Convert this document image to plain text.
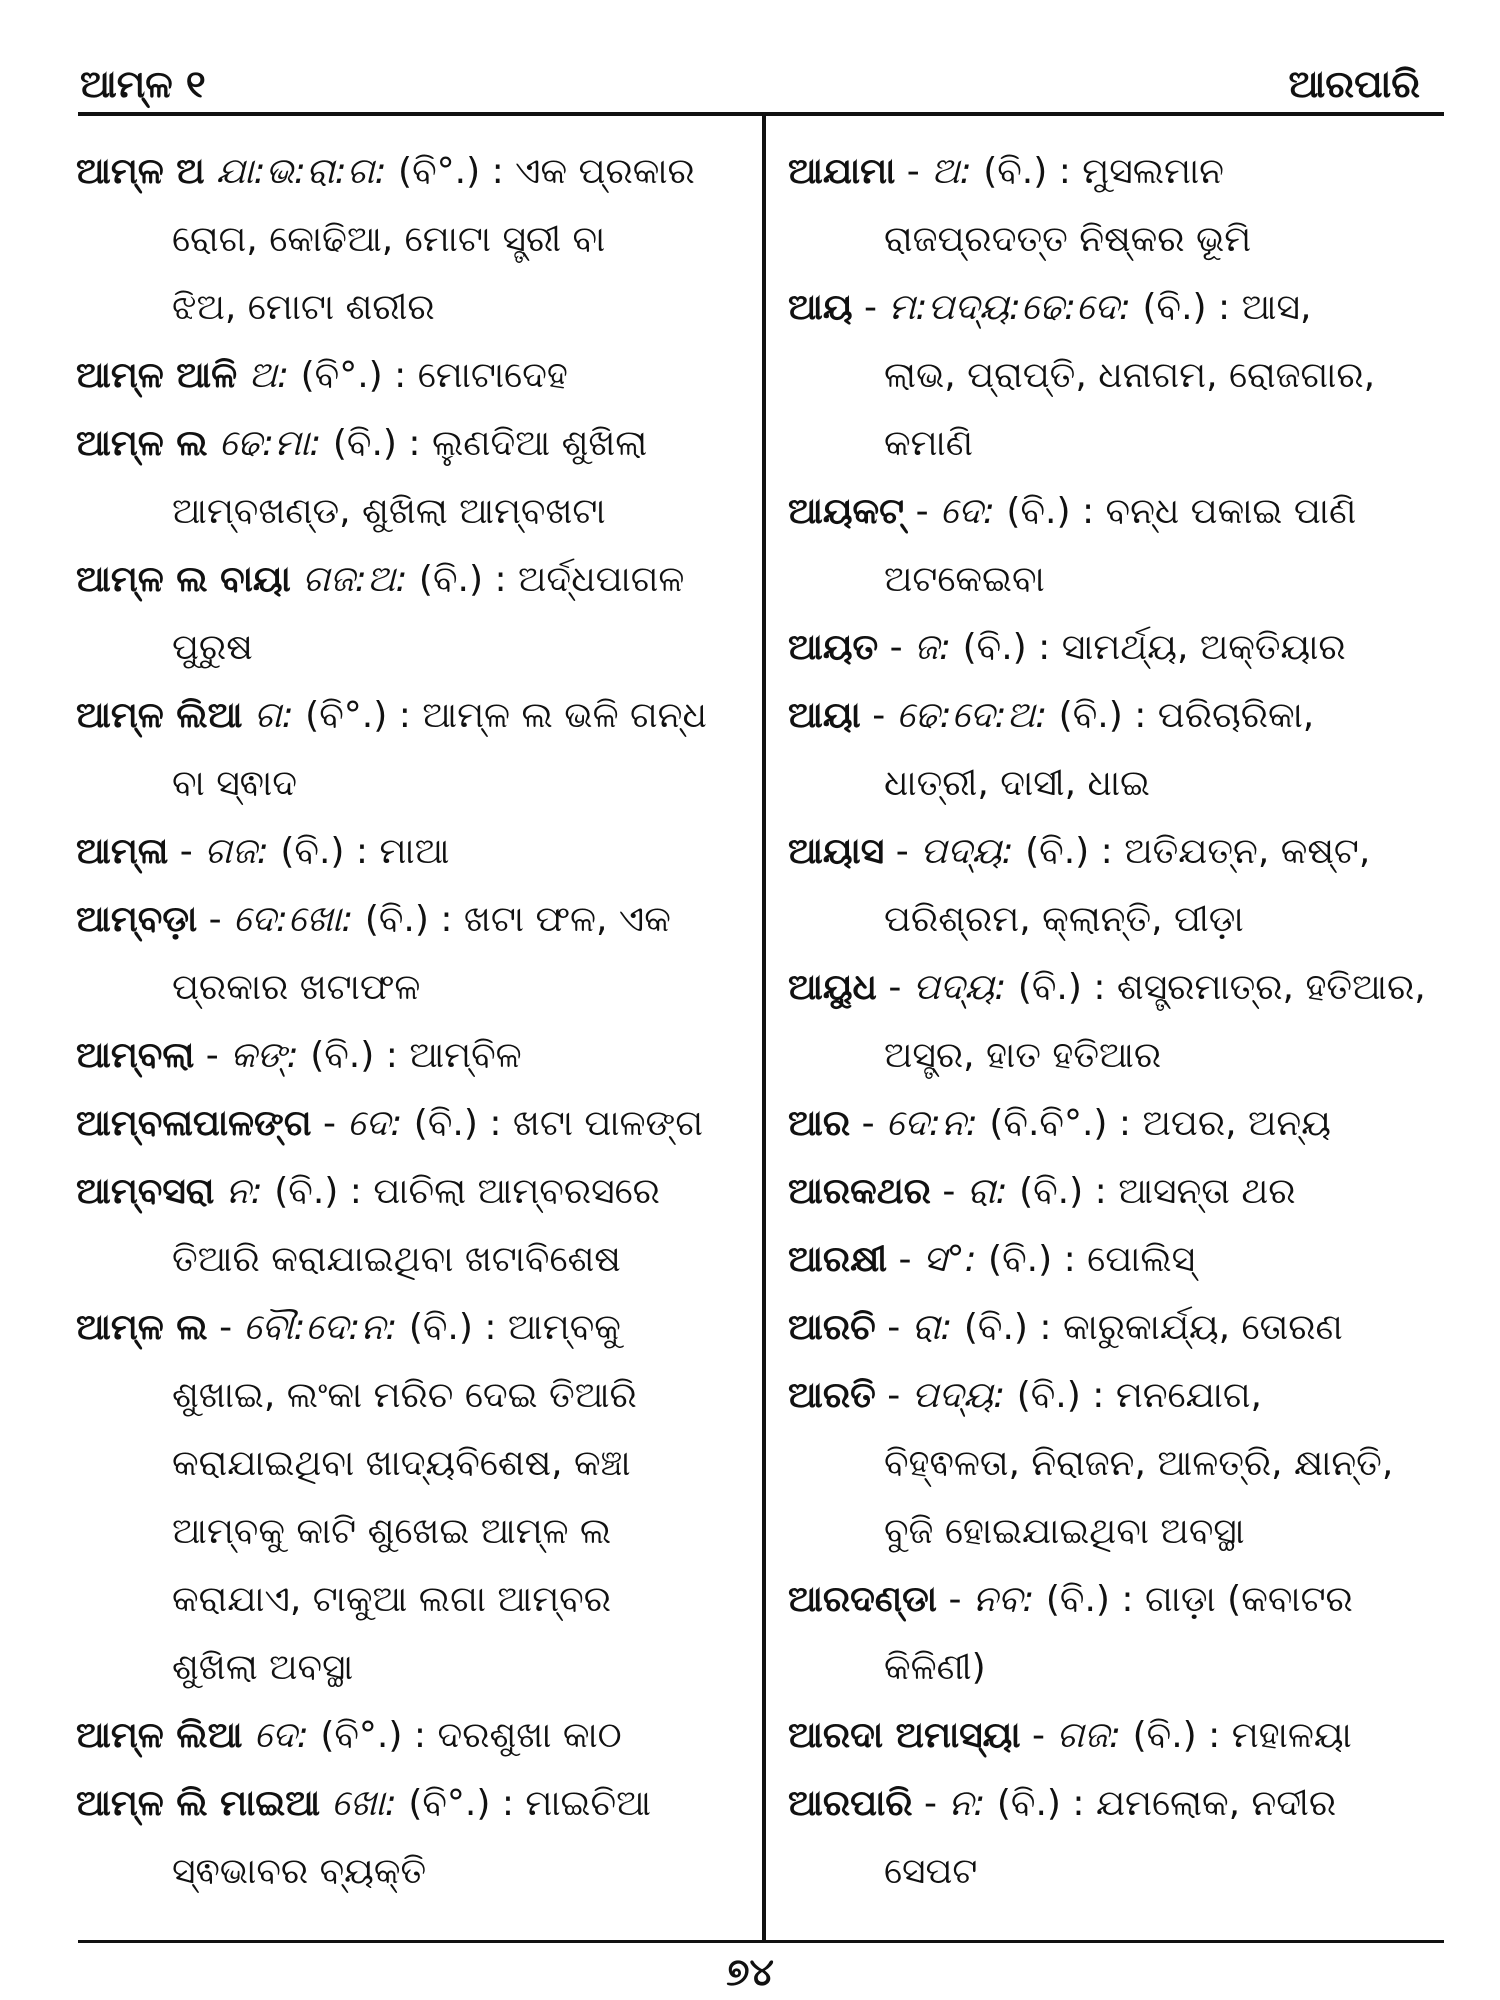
ଆମ୍ଳ ୧	ଆରପାରି
ଆମ୍ଳ ଅ ଯା:ଭ:ରା:ଗ: (ବି°.) : ଏକ ପ୍ରକାର
ରୋଗ, କୋଢିଆ, ମୋଟା ସ୍ତ୍ରୀ ବା
ଝିଅ, ମୋଟା ଶରୀର
ଆମ୍ଳ ଆଳି ଅ: (ବି°.) : ମୋଟାଦେହ
ଆମ୍ଳ ଲ ଢେ:ମା: (ବି.) : ଲୁଣଦିଆ ଶୁଖିଲା
ଆମ୍ବଖଣ୍ଡ, ଶୁଖିଲା ଆମ୍ବଖଟା
ଆମ୍ଳ ଲ ବାୟା ଗଜ:ଅ: (ବି.) : ଅର୍ଦ୍ଧପାଗଳ
ପୁରୁଷ
ଆମ୍ଳ ଲିଆ ଗ: (ବି°.) : ଆମ୍ଳ ଲ ଭଳି ଗନ୍ଧ
ବା ସ୍ଵାଦ
ଆମ୍ଳା - ଗଜ: (ବି.) : ମାଆ
ଆମ୍ବଡ଼ା - ଦେ:ଖୋ: (ବି.) : ଖଟା ଫଳ, ଏକ
ପ୍ରକାର ଖଟାଫଳ
ଆମ୍ବଲା - କଙ୍: (ବି.) : ଆମ୍ବିଳ
ଆମ୍ବଳାପାଳଙ୍ଗ - ଦେ: (ବି.) : ଖଟା ପାଳଙ୍ଗ
ଆମ୍ବସରା ନ: (ବି.) : ପାଚିଲା ଆମ୍ବରସରେ
ତିଆରି କରାଯାଇଥିବା ଖଟାବିଶେଷ
ଆମ୍ଳ ଲ - ବୌ:ଦେ:ନ: (ବି.) : ଆମ୍ବକୁ
ଶୁଖାଇ, ଲଂକା ମରିଚ ଦେଇ ତିଆରି
କରାଯାଇଥିବା ଖାଦ୍ୟବିଶେଷ, କଞ୍ଚା
ଆମ୍ବକୁ କାଟି ଶୁଖେଇ ଆମ୍ଳ ଲ
କରାଯାଏ, ଟାକୁଆ ଲଗା ଆମ୍ବର
ଶୁଖିଲା ଅବସ୍ଥା
ଆମ୍ଳ ଲିଆ ଦେ: (ବି°.) : ଦରଶୁଖା କାଠ
ଆମ୍ଳ ଲି ମାଇଆ ଖୋ: (ବି°.) : ମାଇଚିଆ
ସ୍ଵଭାବର ବ୍ୟକ୍ତି
ଆଯାମା - ଅ: (ବି.) : ମୁସଲମାନ
ରାଜପ୍ରଦତ୍ତ ନିଷ୍କର ଭୂମି
ଆୟ - ମ:ପଦ୍ୟ:ଢେ:ଦେ: (ବି.) : ଆସ,
ଲାଭ, ପ୍ରାପ୍ତି, ଧନାଗମ, ରୋଜଗାର,
କମାଣି
ଆୟକଟ୍ - ଦେ: (ବି.) : ବନ୍ଧ ପକାଇ ପାଣି
ଅଟକେଇବା
ଆୟତ - ଜ: (ବି.) : ସାମର୍ଥ୍ୟ, ଅକ୍ତିୟାର
ଆୟା - ଢେ:ଦେ:ଅ: (ବି.) : ପରିଚାରିକା,
ଧାତ୍ରୀ, ଦାସୀ, ଧାଇ
ଆୟାସ - ପଦ୍ୟ: (ବି.) : ଅତିଯତ୍ନ, କଷ୍ଟ,
ପରିଶ୍ରମ, କ୍ଲାନ୍ତି, ପୀଡ଼ା
ଆୟୁଧ - ପଦ୍ୟ: (ବି.) : ଶସ୍ତ୍ରମାତ୍ର, ହତିଆର,
ଅସ୍ତ୍ର, ହାତ ହତିଆର
ଆର - ଦେ:ନ: (ବି.ବି°.) : ଅପର, ଅନ୍ୟ
ଆରକଥର - ରା: (ବି.) : ଆସନ୍ତା ଥର
ଆରକ୍ଷୀ - ସ°: (ବି.) : ପୋଲିସ୍
ଆରଚି - ରା: (ବି.) : କାରୁକାର୍ଯ୍ୟ, ତୋରଣ
ଆରତି - ପଦ୍ୟ: (ବି.) : ମନଯୋଗ,
ବିହ୍ଵଳତା, ନିରାଜନ, ଆଳତ୍ରି, କ୍ଷାନ୍ତି,
ବୁଜି ହୋଇଯାଇଥିବା ଅବସ୍ଥା
ଆରଦଣ୍ଡା - ନବ: (ବି.) : ଗାଡ଼ା (କବାଟର
କିଳିଣୀ)
ଆରଦା ଅମାସ୍ୟା - ଗଜ: (ବି.) : ମହାଳୟା
ଆରପାରି - ନ: (ବି.) : ଯମଲୋକ, ନଦୀର
ସେପଟ
୭୪
